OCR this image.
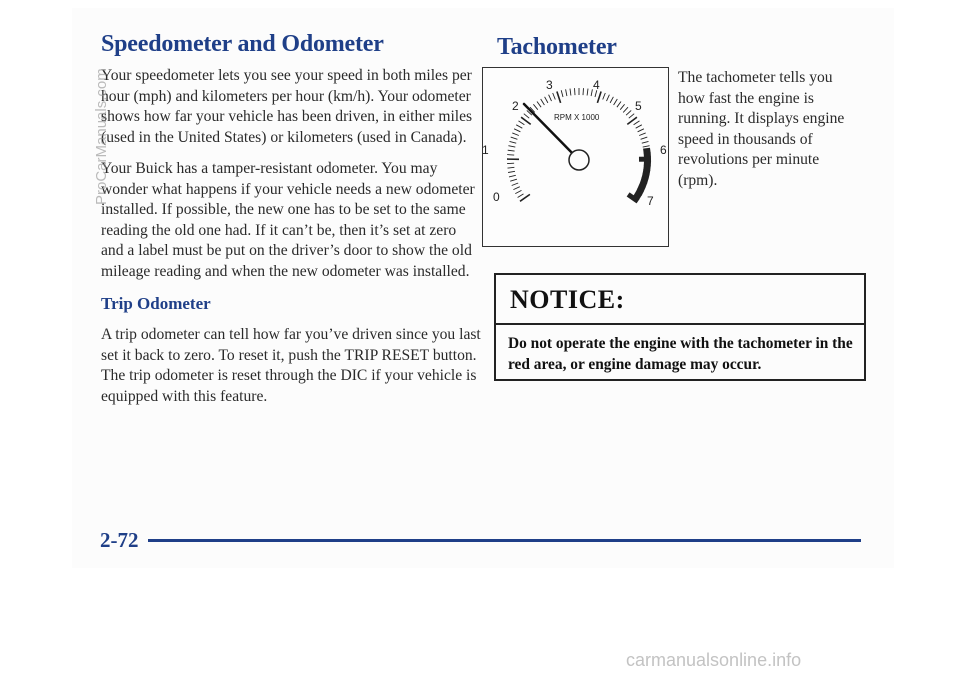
Speedometer and Odometer

Your speedometer lets you see your speed in both miles per hour (mph) and kilometers per hour (km/h). Your odometer shows how far your vehicle has been driven, in either miles (used in the United States) or kilometers (used in Canada).

Your Buick has a tamper-resistant odometer. You may wonder what happens if your vehicle needs a new odometer installed. If possible, the new one has to be set to the same reading the old one had. If it can’t be, then it’s set at zero and a label must be put on the driver’s door to show the old mileage reading and when the new odometer was installed.

Trip Odometer

A trip odometer can tell how far you’ve driven since you last set it back to zero. To reset it, push the TRIP RESET button. The trip odometer is reset through the DIC if your vehicle is equipped with this feature.

Tachometer
0
1
2
3	4
5
6
7
RPM X 1000

The tachometer tells you how fast the engine is running. It displays engine speed in thousands of revolutions per minute (rpm).

NOTICE:

Do not operate the engine with the tachometer in the red area, or engine damage may occur.

2-72

ProCarManuals.com

carmanualsonline.info
